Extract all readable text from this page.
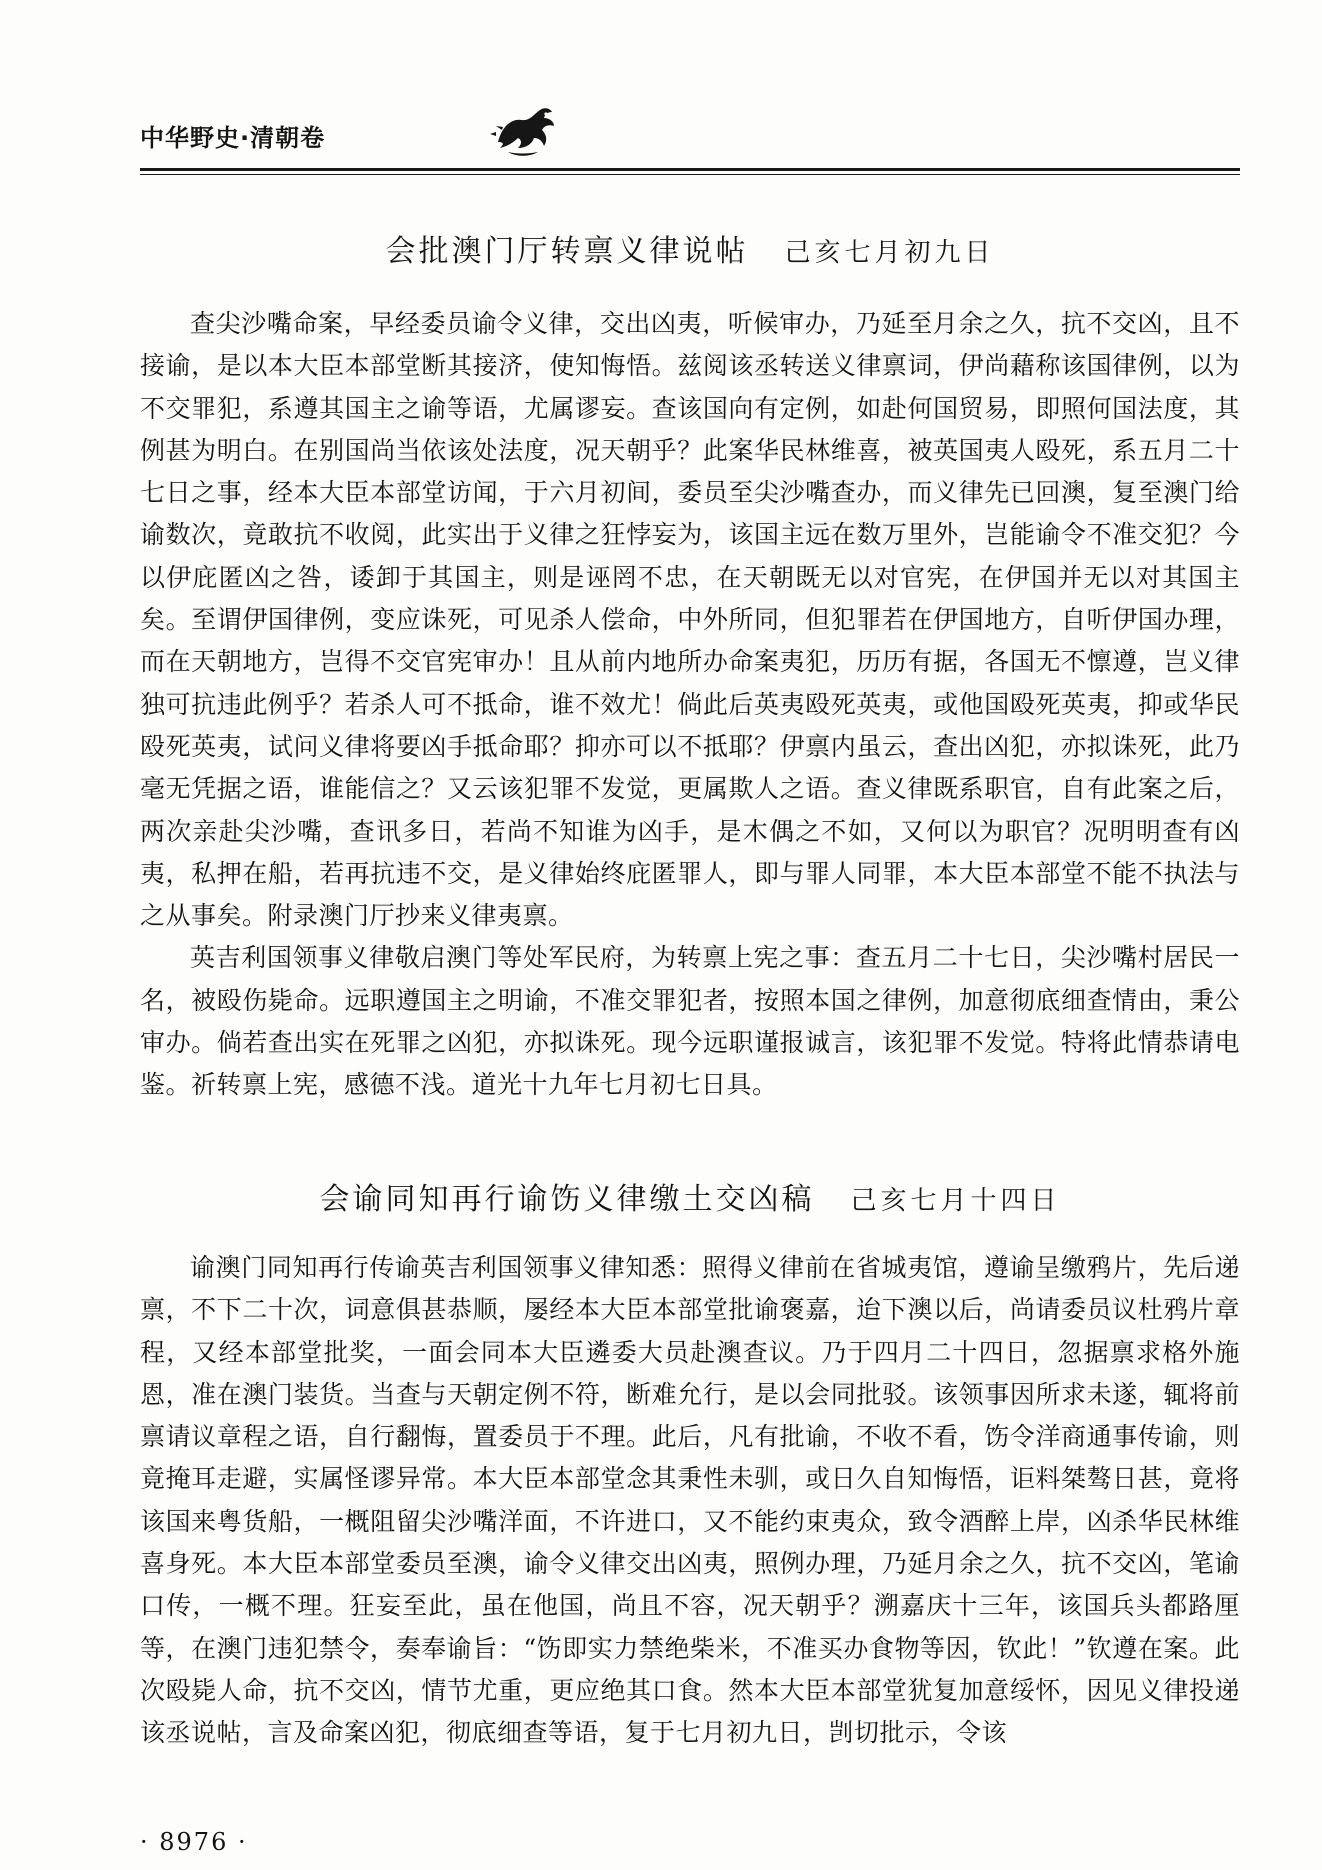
中华野史·清朝卷
会批澳门厅转禀义律说帖 己亥七月初九日

查尖沙嘴命案，早经委员谕令义律，交出凶夷，听候审办，乃延至月余之久，抗不交凶，且不接谕，是以本大臣本部堂断其接济，使知悔悟。兹阅该丞转送义律禀词，伊尚藉称该国律例，以为不交罪犯，系遵其国主之谕等语，尤属谬妄。查该国向有定例，如赴何国贸易，即照何国法度，其例甚为明白。在别国尚当依该处法度，况天朝乎？此案华民林维喜，被英国夷人殴死，系五月二十七日之事，经本大臣本部堂访闻，于六月初间，委员至尖沙嘴查办，而义律先已回澳，复至澳门给谕数次，竟敢抗不收阅，此实出于义律之狂悖妄为，该国主远在数万里外，岂能谕令不准交犯？今以伊庇匿凶之咎，诿卸于其国主，则是诬罔不忠，在天朝既无以对官宪，在伊国并无以对其国主矣。至谓伊国律例，变应诛死，可见杀人偿命，中外所同，但犯罪若在伊国地方，自听伊国办理，而在天朝地方，岂得不交官宪审办！且从前内地所办命案夷犯，历历有据，各国无不懔遵，岂义律独可抗违此例乎？若杀人可不抵命，谁不效尤！倘此后英夷殴死英夷，或他国殴死英夷，抑或华民殴死英夷，试问义律将要凶手抵命耶？抑亦可以不抵耶？伊禀内虽云，查出凶犯，亦拟诛死，此乃毫无凭据之语，谁能信之？又云该犯罪不发觉，更属欺人之语。查义律既系职官，自有此案之后，两次亲赴尖沙嘴，查讯多日，若尚不知谁为凶手，是木偶之不如，又何以为职官？况明明查有凶夷，私押在船，若再抗违不交，是义律始终庇匿罪人，即与罪人同罪，本大臣本部堂不能不执法与之从事矣。附录澳门厅抄来义律夷禀。

英吉利国领事义律敬启澳门等处军民府，为转禀上宪之事：查五月二十七日，尖沙嘴村居民一名，被殴伤毙命。远职遵国主之明谕，不准交罪犯者，按照本国之律例，加意彻底细查情由，秉公审办。倘若查出实在死罪之凶犯，亦拟诛死。现今远职谨报诚言，该犯罪不发觉。特将此情恭请电鉴。祈转禀上宪，感德不浅。道光十九年七月初七日具。

会谕同知再行谕饬义律缴土交凶稿 己亥七月十四日

谕澳门同知再行传谕英吉利国领事义律知悉：照得义律前在省城夷馆，遵谕呈缴鸦片，先后递禀，不下二十次，词意俱甚恭顺，屡经本大臣本部堂批谕褒嘉，迨下澳以后，尚请委员议杜鸦片章程，又经本部堂批奖，一面会同本大臣遴委大员赴澳查议。乃于四月二十四日，忽据禀求格外施恩，准在澳门装货。当查与天朝定例不符，断难允行，是以会同批驳。该领事因所求未遂，辄将前禀请议章程之语，自行翻悔，置委员于不理。此后，凡有批谕，不收不看，饬令洋商通事传谕，则竟掩耳走避，实属怪谬异常。本大臣本部堂念其秉性未驯，或日久自知悔悟，讵料桀骜日甚，竟将该国来粤货船，一概阻留尖沙嘴洋面，不许进口，又不能约束夷众，致令酒醉上岸，凶杀华民林维喜身死。本大臣本部堂委员至澳，谕令义律交出凶夷，照例办理，乃延月余之久，抗不交凶，笔谕口传，一概不理。狂妄至此，虽在他国，尚且不容，况天朝乎？溯嘉庆十三年，该国兵头都路厘等，在澳门违犯禁令，奏奉谕旨：“饬即实力禁绝柴米，不准买办食物等因，钦此！”钦遵在案。此次殴毙人命，抗不交凶，情节尤重，更应绝其口食。然本大臣本部堂犹复加意绥怀，因见义律投递该丞说帖，言及命案凶犯，彻底细查等语，复于七月初九日，剀切批示，令该

· 8976 ·
